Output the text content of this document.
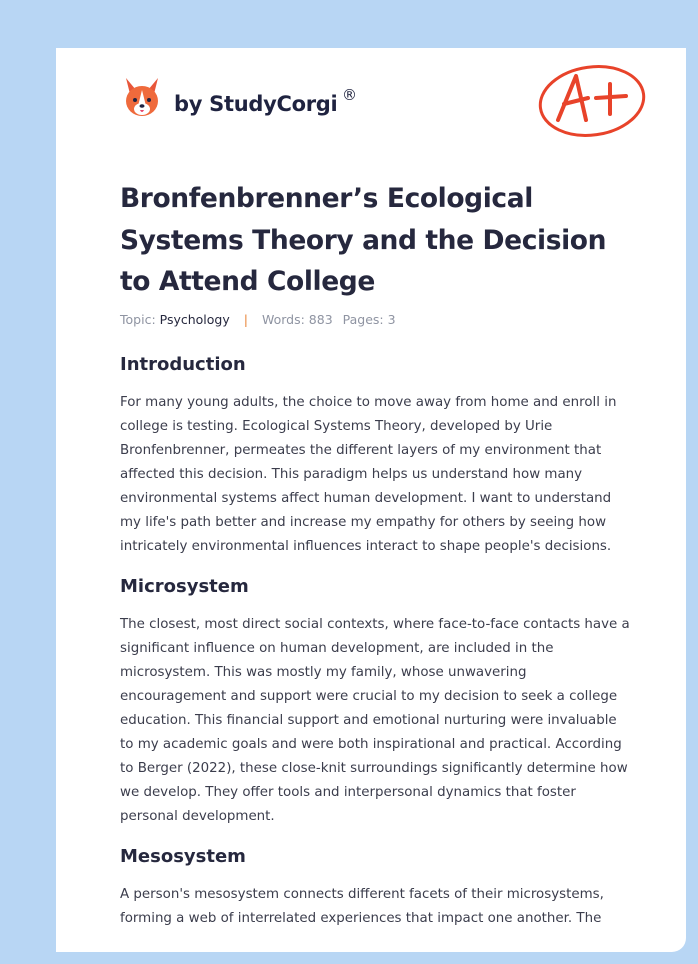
by StudyCorgi ®
Bronfenbrenner’s Ecological Systems Theory and the Decision to Attend College
Topic: Psychology | Words: 883 Pages: 3
Introduction
For many young adults, the choice to move away from home and enroll in college is testing. Ecological Systems Theory, developed by Urie Bronfenbrenner, permeates the different layers of my environment that affected this decision. This paradigm helps us understand how many environmental systems affect human development. I want to understand my life's path better and increase my empathy for others by seeing how intricately environmental influences interact to shape people's decisions.
Microsystem
The closest, most direct social contexts, where face-to-face contacts have a significant influence on human development, are included in the microsystem. This was mostly my family, whose unwavering encouragement and support were crucial to my decision to seek a college education. This financial support and emotional nurturing were invaluable to my academic goals and were both inspirational and practical. According to Berger (2022), these close-knit surroundings significantly determine how we develop. They offer tools and interpersonal dynamics that foster personal development.
Mesosystem
A person's mesosystem connects different facets of their microsystems, forming a web of interrelated experiences that impact one another. The
